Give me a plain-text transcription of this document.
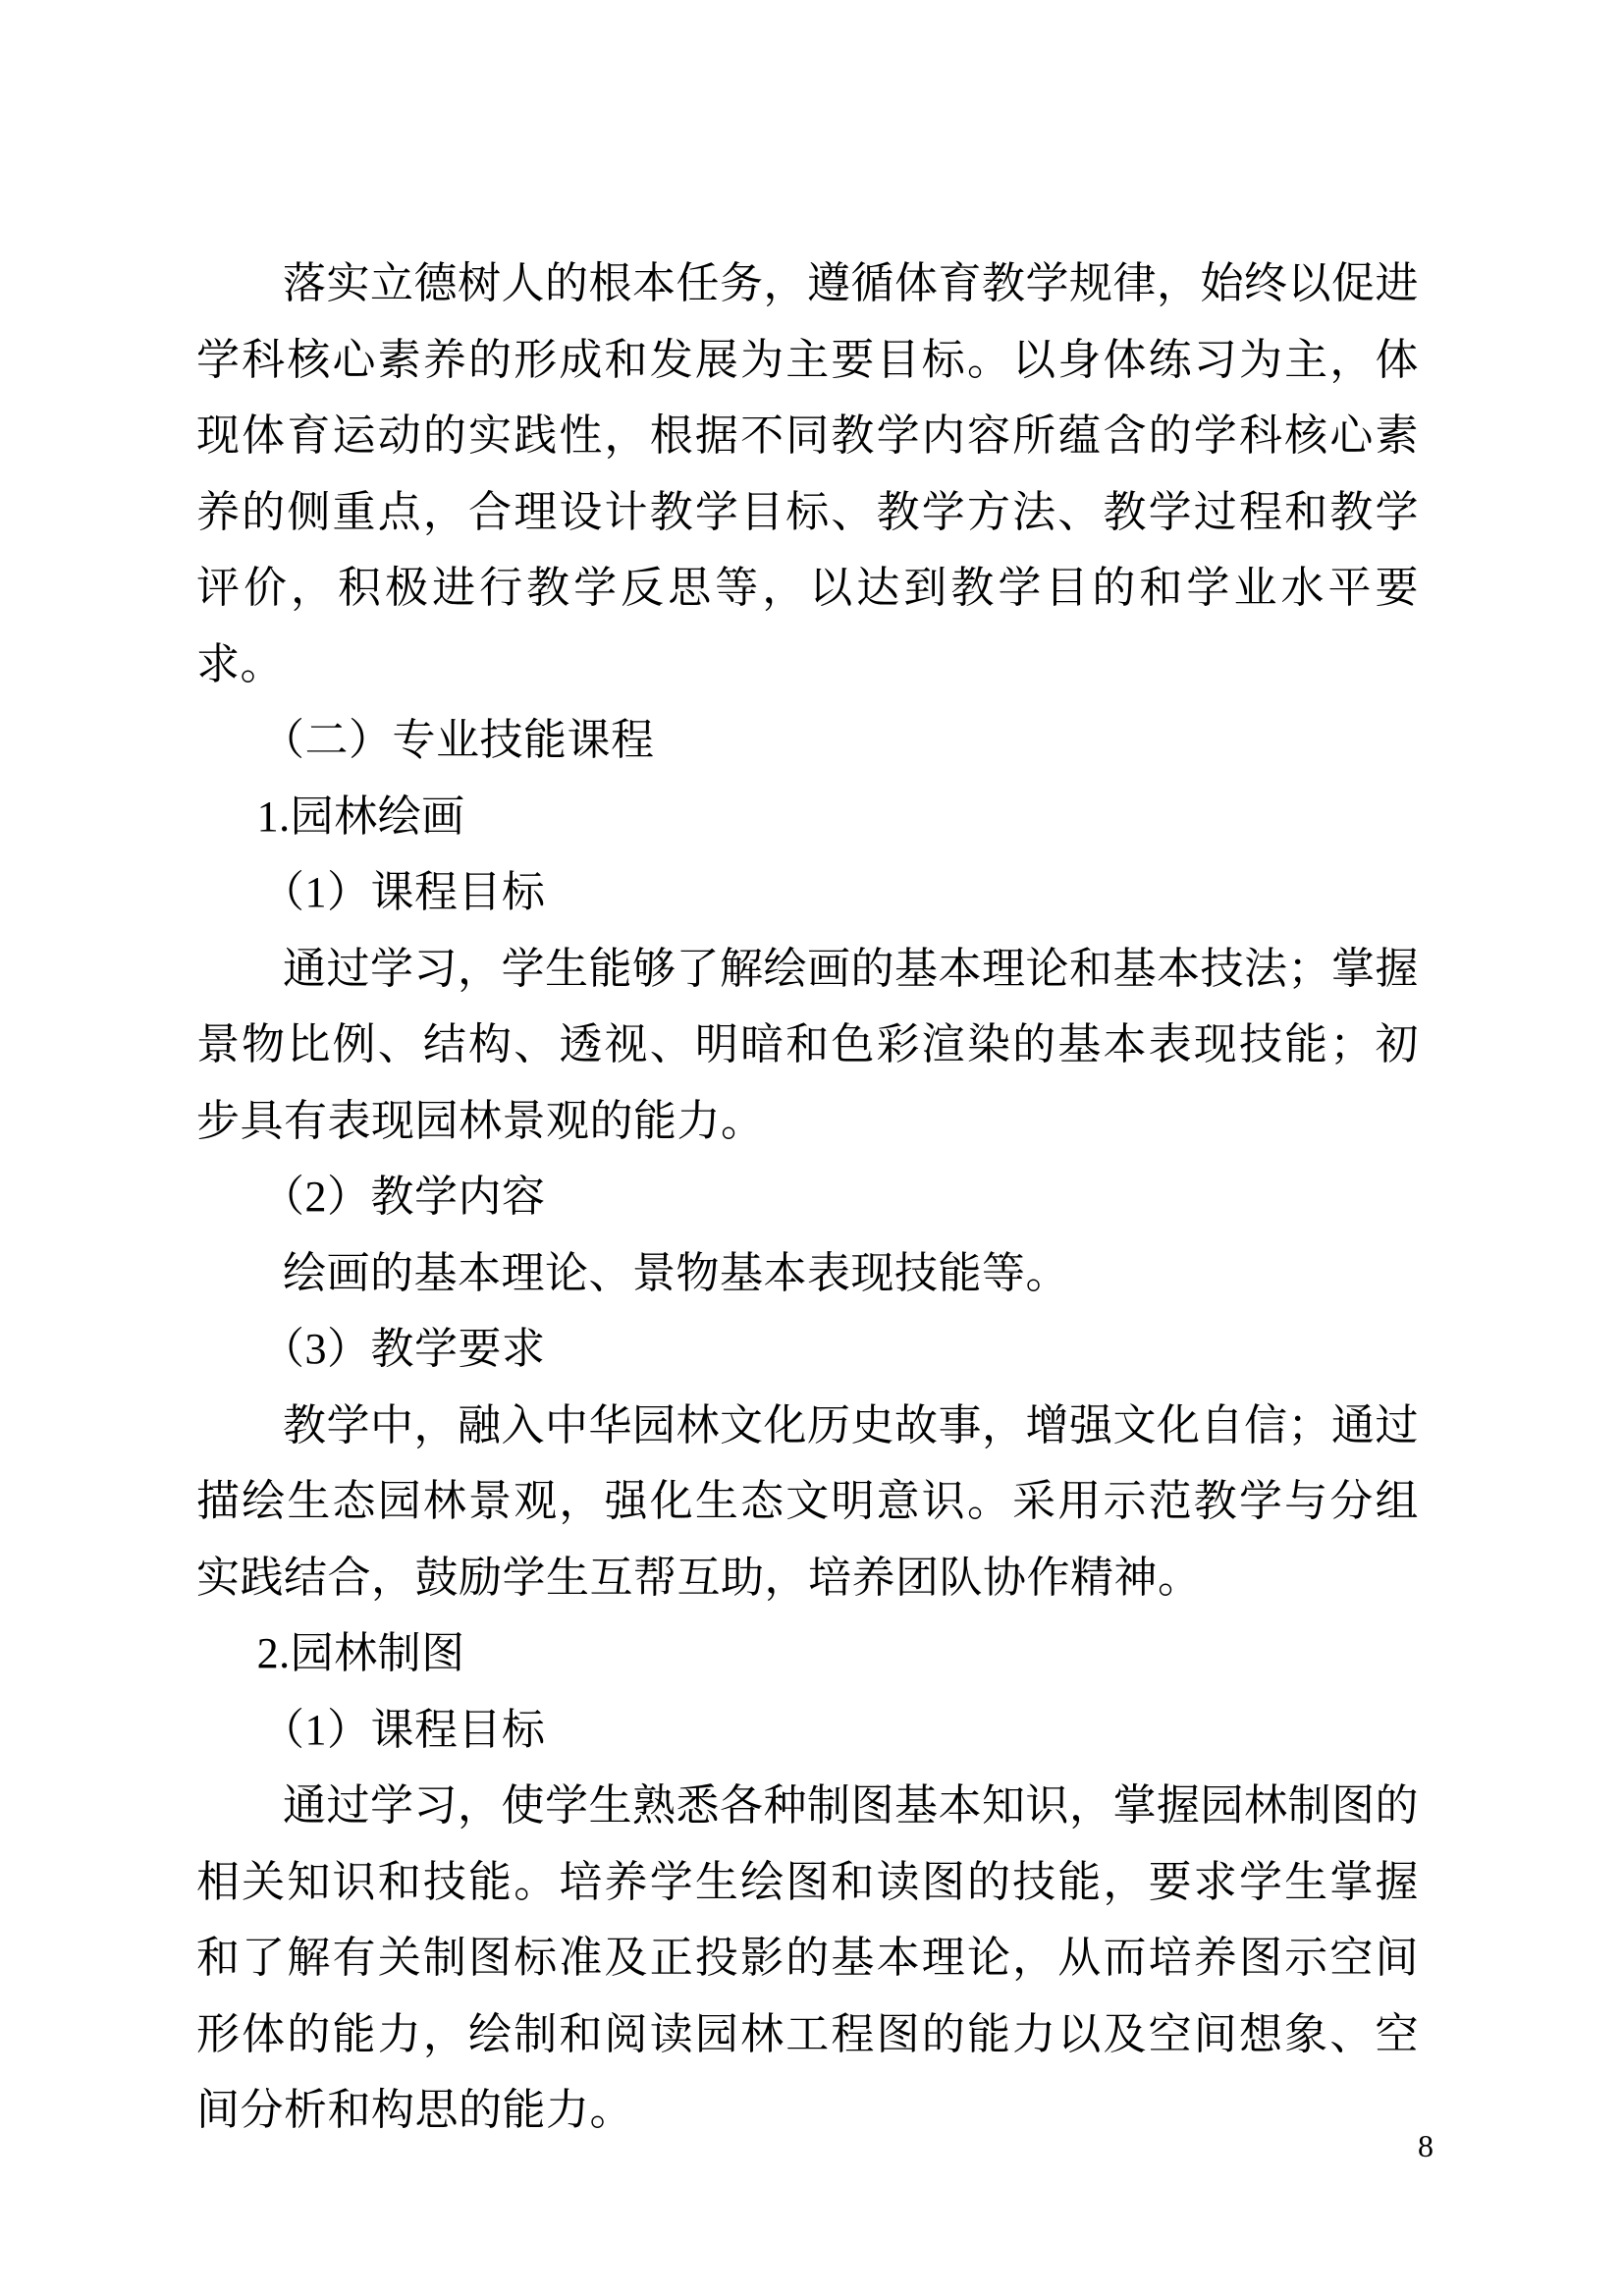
落实立德树人的根本任务，遵循体育教学规律，始终以促进学科核心素养的形成和发展为主要目标。以身体练习为主，体现体育运动的实践性，根据不同教学内容所蕴含的学科核心素养的侧重点，合理设计教学目标、教学方法、教学过程和教学评价，积极进行教学反思等，以达到教学目的和学业水平要求。

（二）专业技能课程
1.园林绘画

（1）课程目标

通过学习，学生能够了解绘画的基本理论和基本技法；掌握景物比例、结构、透视、明暗和色彩渲染的基本表现技能；初步具有表现园林景观的能力。

（2）教学内容

绘画的基本理论、景物基本表现技能等。

（3）教学要求

教学中，融入中华园林文化历史故事，增强文化自信；通过描绘生态园林景观，强化生态文明意识。采用示范教学与分组实践结合，鼓励学生互帮互助，培养团队协作精神。

2.园林制图

（1）课程目标

通过学习，使学生熟悉各种制图基本知识，掌握园林制图的相关知识和技能。培养学生绘图和读图的技能，要求学生掌握和了解有关制图标准及正投影的基本理论，从而培养图示空间形体的能力，绘制和阅读园林工程图的能力以及空间想象、空间分析和构思的能力。

8
